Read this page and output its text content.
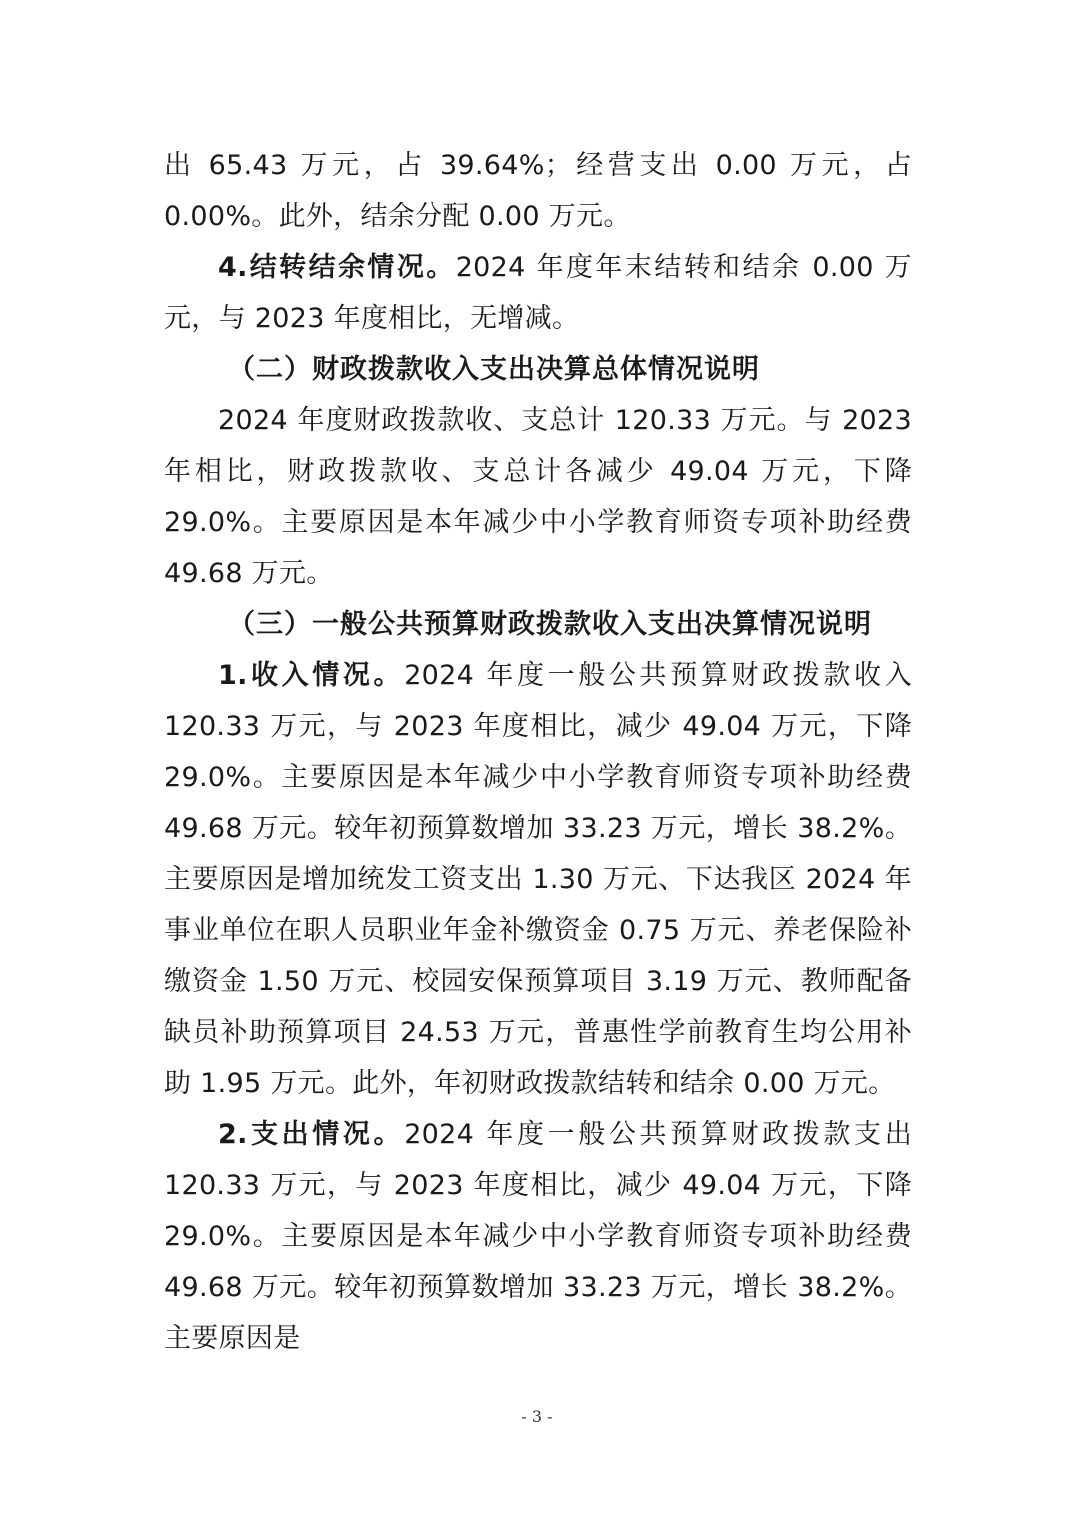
出 65.43 万元，占 39.64%；经营支出 0.00 万元，占 0.00%。此外，结余分配 0.00 万元。

4.结转结余情况。2024 年度年末结转和结余 0.00 万元，与 2023 年度相比，无增减。

（二）财政拨款收入支出决算总体情况说明

2024 年度财政拨款收、支总计 120.33 万元。与 2023 年相比，财政拨款收、支总计各减少 49.04 万元，下降 29.0%。主要原因是本年减少中小学教育师资专项补助经费 49.68 万元。

（三）一般公共预算财政拨款收入支出决算情况说明

1.收入情况。2024 年度一般公共预算财政拨款收入 120.33 万元，与 2023 年度相比，减少 49.04 万元，下降 29.0%。主要原因是本年减少中小学教育师资专项补助经费 49.68 万元。较年初预算数增加 33.23 万元，增长 38.2%。主要原因是增加统发工资支出 1.30 万元、下达我区 2024 年事业单位在职人员职业年金补缴资金 0.75 万元、养老保险补缴资金 1.50 万元、校园安保预算项目 3.19 万元、教师配备缺员补助预算项目 24.53 万元，普惠性学前教育生均公用补助 1.95 万元。此外，年初财政拨款结转和结余 0.00 万元。

2.支出情况。2024 年度一般公共预算财政拨款支出 120.33 万元，与 2023 年度相比，减少 49.04 万元，下降 29.0%。主要原因是本年减少中小学教育师资专项补助经费 49.68 万元。较年初预算数增加 33.23 万元，增长 38.2%。主要原因是

- 3 -
